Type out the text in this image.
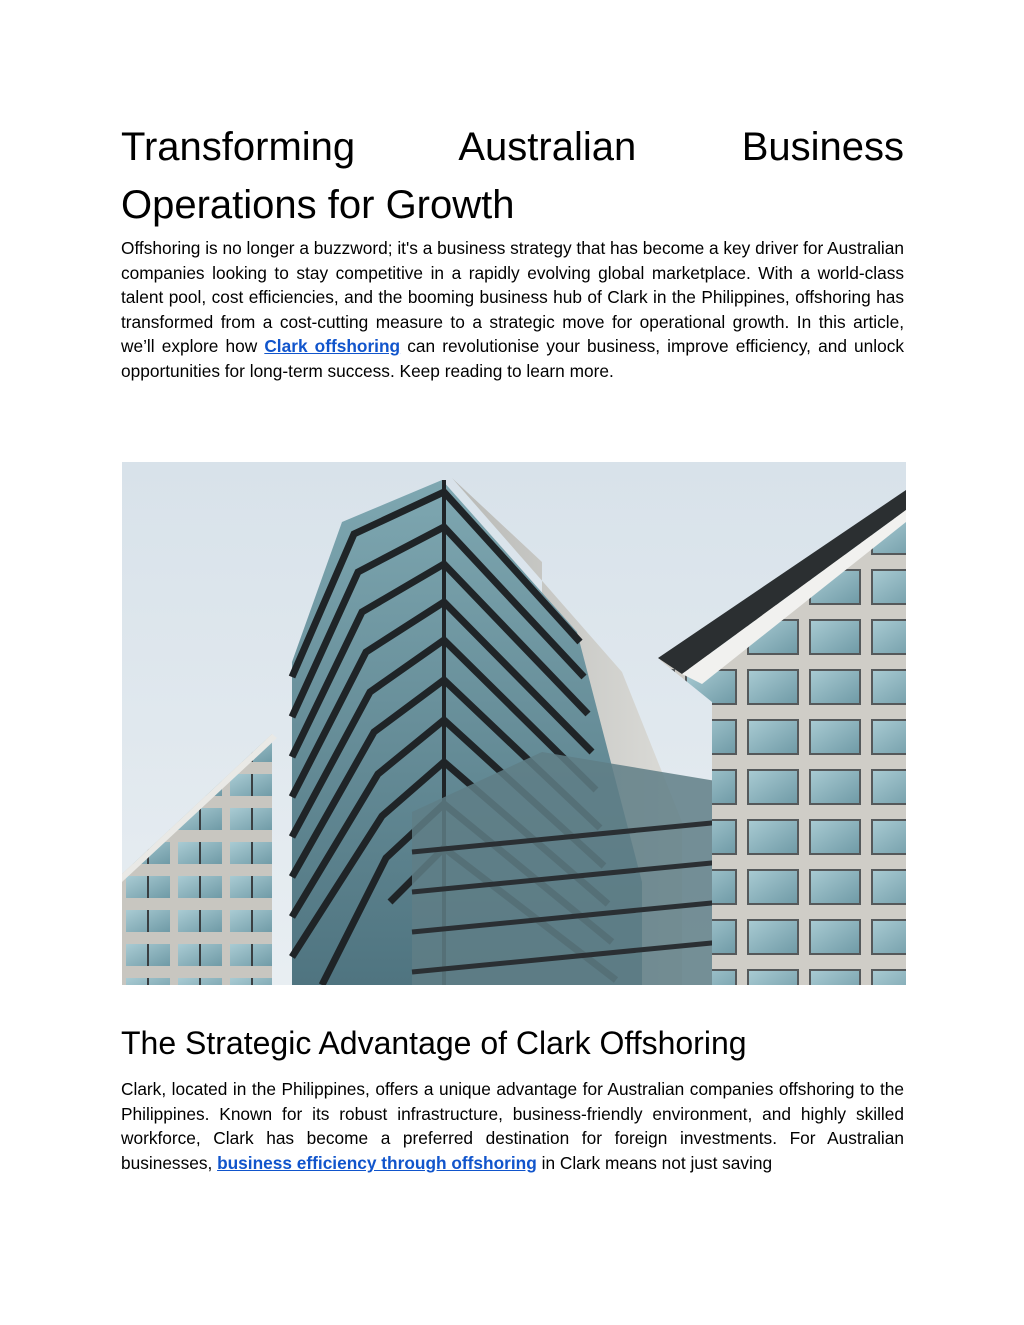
Transforming Australian Business Operations for Growth

Offshoring is no longer a buzzword; it's a business strategy that has become a key driver for Australian companies looking to stay competitive in a rapidly evolving global marketplace. With a world-class talent pool, cost efficiencies, and the booming business hub of Clark in the Philippines, offshoring has transformed from a cost-cutting measure to a strategic move for operational growth. In this article, we’ll explore how Clark offshoring can revolutionise your business, improve efficiency, and unlock opportunities for long-term success. Keep reading to learn more.

The Strategic Advantage of Clark Offshoring

Clark, located in the Philippines, offers a unique advantage for Australian companies offshoring to the Philippines. Known for its robust infrastructure, business-friendly environment, and highly skilled workforce, Clark has become a preferred destination for foreign investments. For Australian businesses, business efficiency through offshoring in Clark means not just saving
